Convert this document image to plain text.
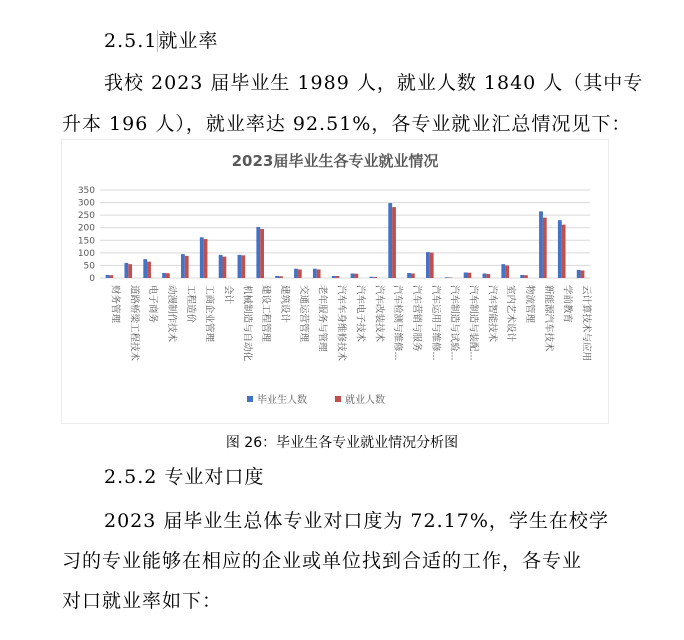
2.5.1就业率
我校 2023 届毕业生 1989 人，就业人数 1840 人（其中专
升本 196 人），就业率达 92.51%，各专业就业汇总情况见下：
2023届毕业生各专业就业情况
0
50
100
150
200
250
300
350
财务管理 道路桥梁工程技术 电子商务 动漫制作技术 工程造价 工商企业管理 会计 机械制造与自动化 建设工程管理 建筑设计 交通运营管理 老年服务与管理 汽车车身维修技术 汽车电子技术 汽车改装技术 汽车检测与维修... 汽车营销与服务 汽车运用与维修... 汽车制造与试验... 汽车制造与装配... 汽车智能技术 室内艺术设计 物流管理 新能源汽车技术 学前教育 云计算技术与应用
毕业生人数	就业人数
图 26：毕业生各专业就业情况分析图
2.5.2 专业对口度
2023 届毕业生总体专业对口度为 72.17%，学生在校学
习的专业能够在相应的企业或单位找到合适的工作，各专业
对口就业率如下：
